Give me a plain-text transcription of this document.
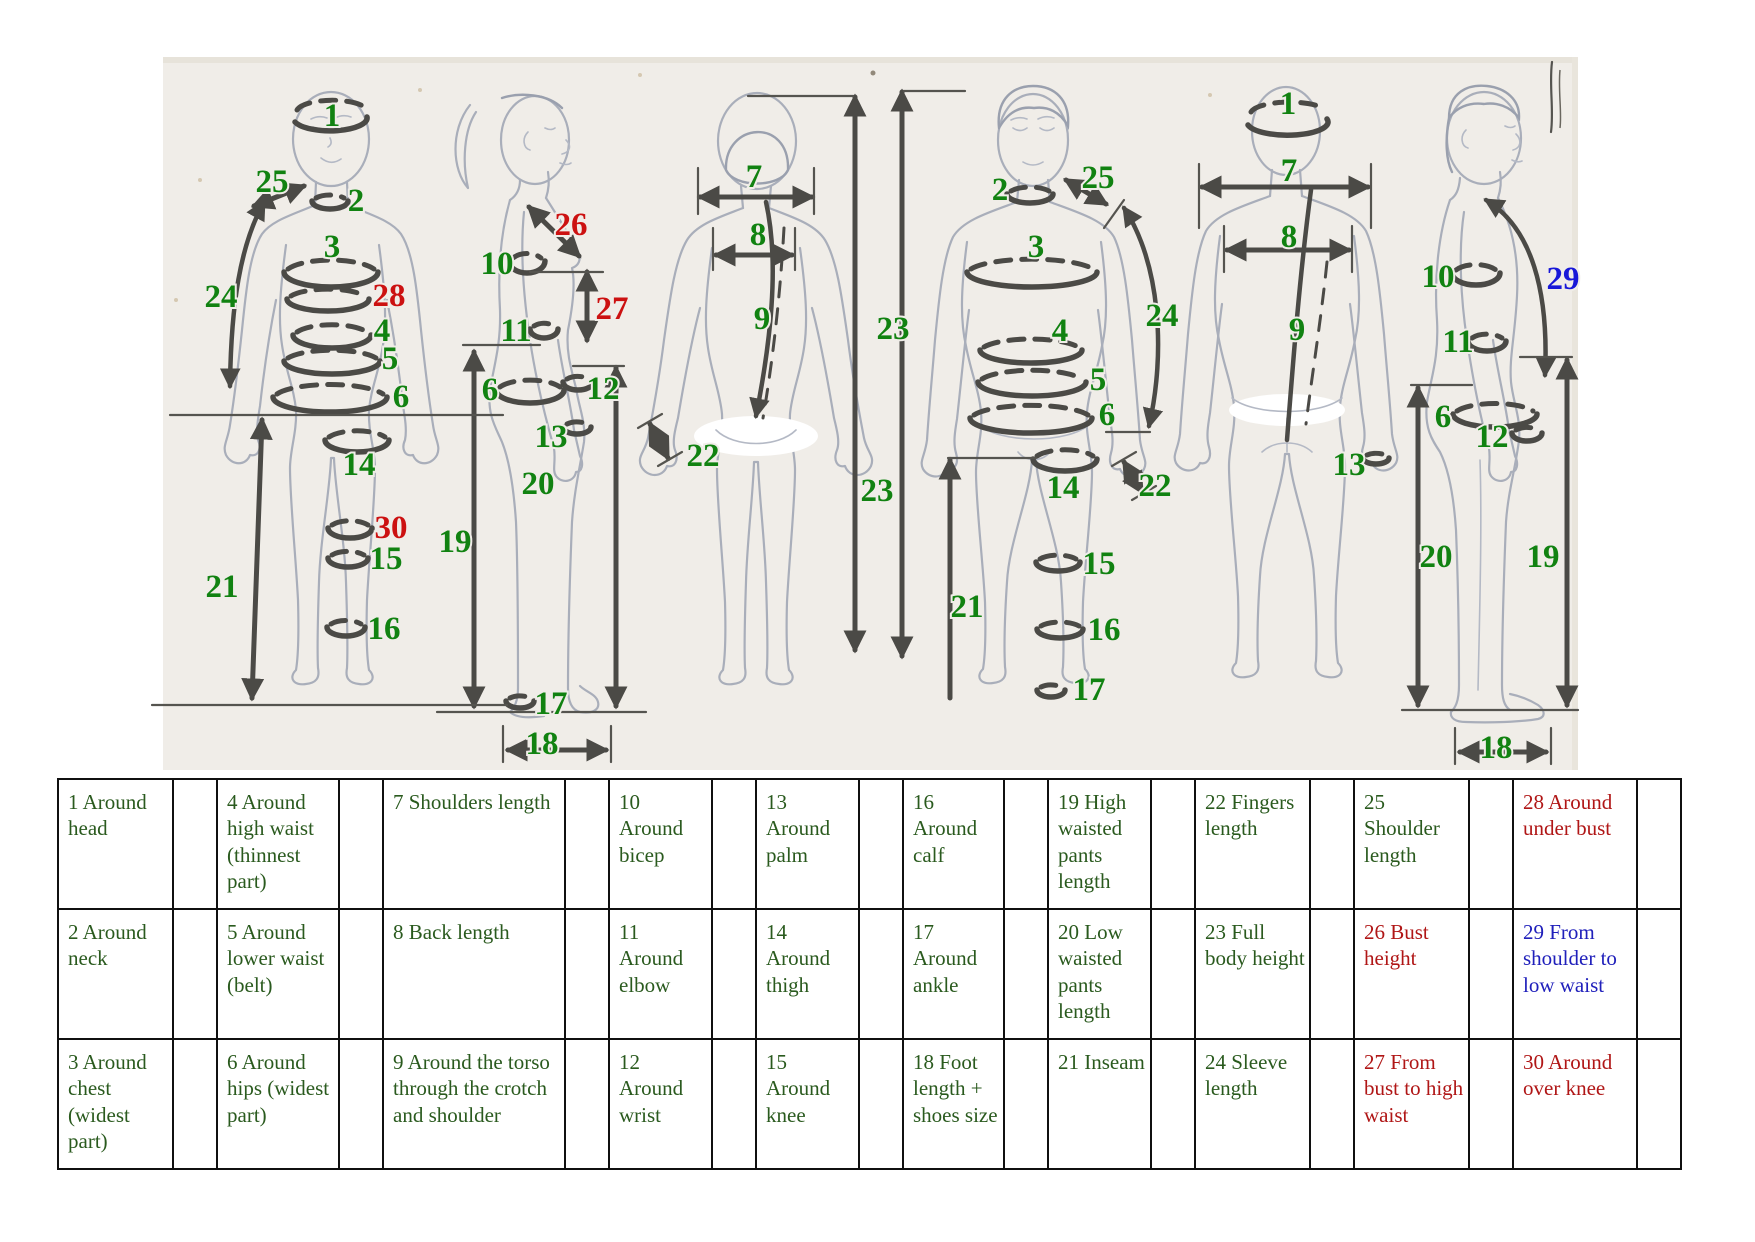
1
25
2
3
24	28
4
5
6
14
30
15
21
16
26
10
27
11
6	12
13
19
20
17
18
7
8
9
22
23
23
2 25
3
24
4
5
6
14 22
15
21
16
17
1
7
8
9
13
10	29
11
6
12
20 19
18
1 Around head		4 Around high waist (thinnest part)		7 Shoulders length		10 Around bicep		13 Around palm		16 Around calf		19 High waisted pants length		22 Fingers length		25 Shoulder length		28 Around under bust	
2 Around neck		5 Around lower waist (belt)		8 Back length		11 Around elbow		14 Around thigh		17 Around ankle		20 Low waisted pants length		23 Full body height		26 Bust height		29 From shoulder to low waist	
3 Around chest (widest part)		6 Around hips (widest part)		9 Around the torso through the crotch and shoulder		12 Around wrist		15 Around knee		18 Foot length + shoes size		21 Inseam		24 Sleeve length		27 From bust to high waist		30 Around over knee	
